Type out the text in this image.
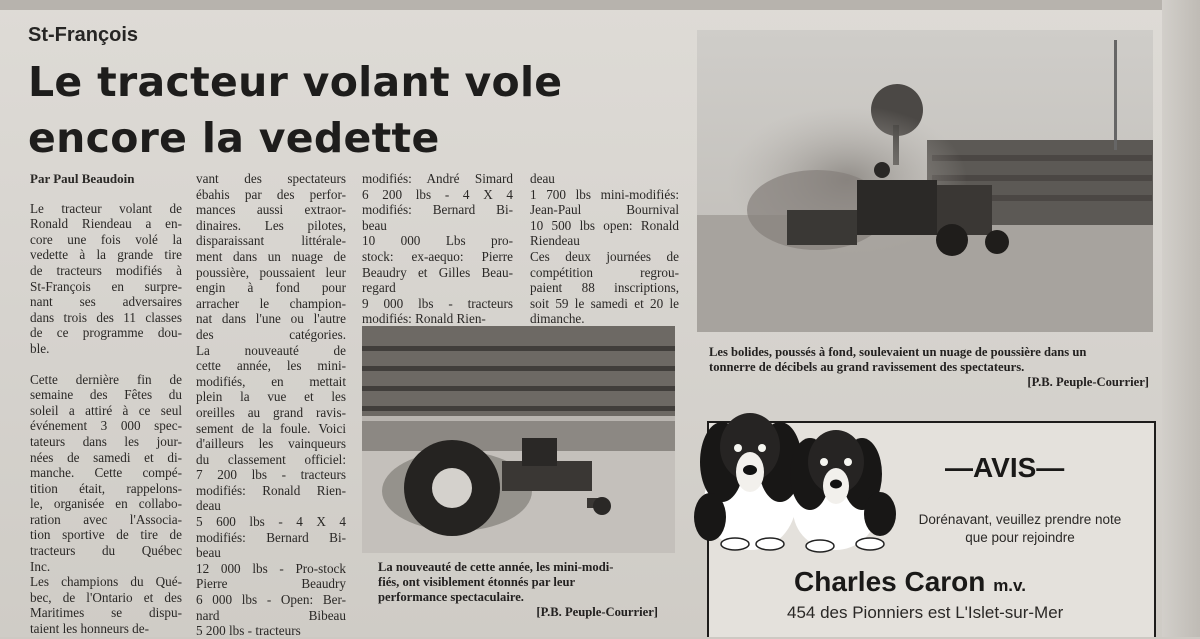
St-François
Le tracteur volant vole
encore la vedette

Par Paul Beaudoin

Le tracteur volant de

Ronald Riendeau a en-

core une fois volé la

vedette à la grande tire

de tracteurs modifiés à

St-François en surpre-

nant ses adversaires

dans trois des 11 classes

de ce programme dou-

ble.

Cette dernière fin de

semaine des Fêtes du

soleil a attiré à ce seul

événement 3 000 spec-

tateurs dans les jour-

nées de samedi et di-

manche. Cette compé-

tition était, rappelons-

le, organisée en collabo-

ration avec l'Associa-

tion sportive de tire de

tracteurs du Québec

Inc.

Les champions du Qué-

bec, de l'Ontario et des

Maritimes se dispu-

taient les honneurs de-

vant des spectateurs

ébahis par des perfor-

mances aussi extraor-

dinaires. Les pilotes,

disparaissant littérale-

ment dans un nuage de

poussière, poussaient leur

engin à fond pour

arracher le champion-

nat dans l'une ou l'autre

des catégories.

La nouveauté de

cette année, les mini-

modifiés, en mettait

plein la vue et les

oreilles au grand ravis-

sement de la foule. Voici

d'ailleurs les vainqueurs

du classement officiel:

7 200 lbs - tracteurs

modifiés: Ronald Rien-

deau

5 600 lbs - 4 X 4

modifiés: Bernard Bi-

beau

12 000 lbs - Pro-stock

Pierre Beaudry

6 000 lbs - Open: Ber-

nard Bibeau

5 200 lbs - tracteurs

modifiés: André Simard

6 200 lbs - 4 X 4

modifiés: Bernard Bi-

beau

10 000 Lbs pro-

stock: ex-aequo: Pierre

Beaudry et Gilles Beau-

regard

9 000 lbs - tracteurs

modifiés: Ronald Rien-

deau

1 700 lbs mini-modifiés:

Jean-Paul Bournival

10 500 lbs open: Ronald

Riendeau

Ces deux journées de

compétition regrou-

paient 88 inscriptions,

soit 59 le samedi et 20 le

dimanche.

Les bolides, poussés à fond, soulevaient un nuage de poussière dans un
tonnerre de décibels au grand ravissement des spectateurs.
[P.B. Peuple-Courrier]
La nouveauté de cette année, les mini-modi-
fiés, ont visiblement étonnés par leur
performance spectaculaire.
[P.B. Peuple-Courrier]
—AVIS—
Dorénavant, veuillez prendre note
que pour rejoindre
Charles Caron m.v.
454 des Pionniers est L'Islet-sur-Mer
